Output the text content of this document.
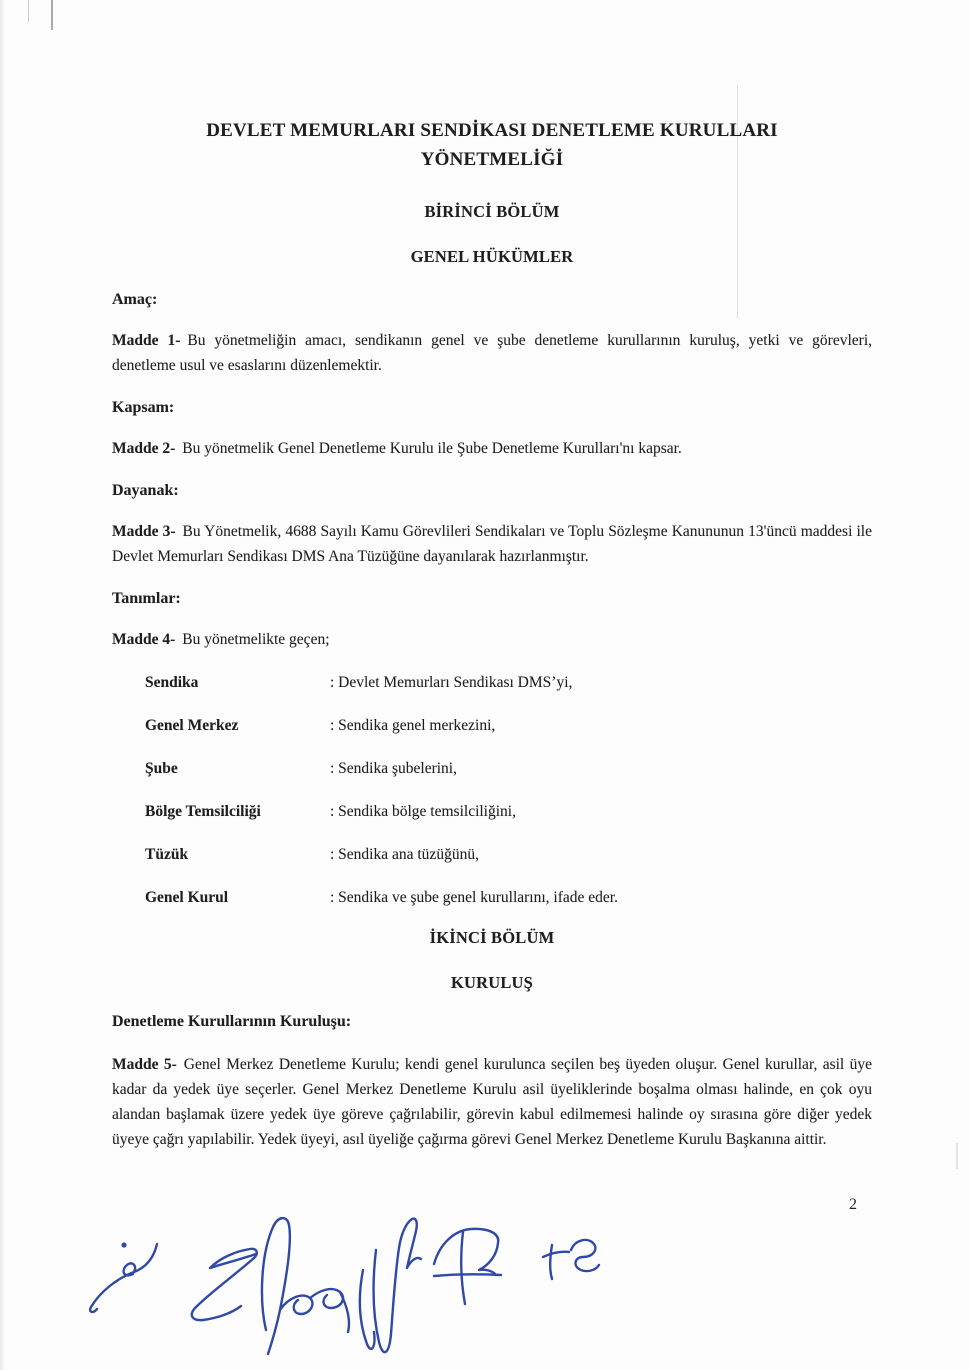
DEVLET MEMURLARI SENDİKASI DENETLEME KURULLARI
YÖNETMELİĞİ
BİRİNCİ BÖLÜM
GENEL HÜKÜMLER
Amaç:

Madde 1- Bu yönetmeliğin amacı, sendikanın genel ve şube denetleme kurullarının kuruluş, yetki ve görevleri, denetleme usul ve esaslarını düzenlemektir.

Kapsam:

Madde 2- Bu yönetmelik Genel Denetleme Kurulu ile Şube Denetleme Kurulları'nı kapsar.

Dayanak:

Madde 3- Bu Yönetmelik, 4688 Sayılı Kamu Görevlileri Sendikaları ve Toplu Sözleşme Kanununun 13'üncü maddesi ile Devlet Memurları Sendikası DMS Ana Tüzüğüne dayanılarak hazırlanmıştır.

Tanımlar:

Madde 4- Bu yönetmelikte geçen;

Sendika	: Devlet Memurları Sendikası DMS’yi,
Genel Merkez	: Sendika genel merkezini,
Şube	: Sendika şubelerini,
Bölge Temsilciliği	: Sendika bölge temsilciliğini,
Tüzük	: Sendika ana tüzüğünü,
Genel Kurul	: Sendika ve şube genel kurullarını, ifade eder.
İKİNCİ BÖLÜM
KURULUŞ
Denetleme Kurullarının Kuruluşu:

Madde 5- Genel Merkez Denetleme Kurulu; kendi genel kurulunca seçilen beş üyeden oluşur. Genel kurullar, asil üye kadar da yedek üye seçerler. Genel Merkez Denetleme Kurulu asil üyeliklerinde boşalma olması halinde, en çok oyu alandan başlamak üzere yedek üye göreve çağrılabilir, görevin kabul edilmemesi halinde oy sırasına göre diğer yedek üyeye çağrı yapılabilir. Yedek üyeyi, asıl üyeliğe çağırma görevi Genel Merkez Denetleme Kurulu Başkanına aittir.

2
